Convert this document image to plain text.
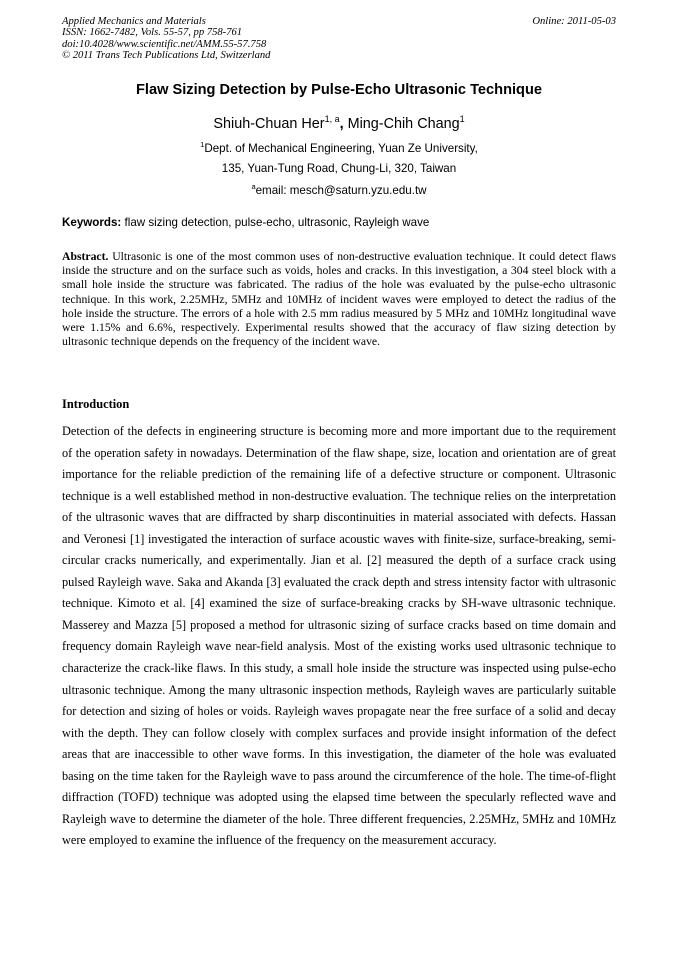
Applied Mechanics and Materials
ISSN: 1662-7482, Vols. 55-57, pp 758-761
doi:10.4028/www.scientific.net/AMM.55-57.758
© 2011 Trans Tech Publications Ltd, Switzerland
Online: 2011-05-03
Flaw Sizing Detection by Pulse-Echo Ultrasonic Technique
Shiuh-Chuan Her$^{1, a}$, Ming-Chih Chang$^1$
$^1$Dept. of Mechanical Engineering, Yuan Ze University,
135, Yuan-Tung Road, Chung-Li, 320, Taiwan
$^a$email: mesch@saturn.yzu.edu.tw
Keywords: flaw sizing detection, pulse-echo, ultrasonic, Rayleigh wave
Abstract. Ultrasonic is one of the most common uses of non-destructive evaluation technique. It could detect flaws inside the structure and on the surface such as voids, holes and cracks. In this investigation, a 304 steel block with a small hole inside the structure was fabricated. The radius of the hole was evaluated by the pulse-echo ultrasonic technique. In this work, 2.25MHz, 5MHz and 10MHz of incident waves were employed to detect the radius of the hole inside the structure. The errors of a hole with 2.5 mm radius measured by 5 MHz and 10MHz longitudinal wave were 1.15% and 6.6%, respectively. Experimental results showed that the accuracy of flaw sizing detection by ultrasonic technique depends on the frequency of the incident wave.
Introduction
Detection of the defects in engineering structure is becoming more and more important due to the requirement of the operation safety in nowadays. Determination of the flaw shape, size, location and orientation are of great importance for the reliable prediction of the remaining life of a defective structure or component. Ultrasonic technique is a well established method in non-destructive evaluation. The technique relies on the interpretation of the ultrasonic waves that are diffracted by sharp discontinuities in material associated with defects. Hassan and Veronesi [1] investigated the interaction of surface acoustic waves with finite-size, surface-breaking, semi-circular cracks numerically, and experimentally. Jian et al. [2] measured the depth of a surface crack using pulsed Rayleigh wave. Saka and Akanda [3] evaluated the crack depth and stress intensity factor with ultrasonic technique. Kimoto et al. [4] examined the size of surface-breaking cracks by SH-wave ultrasonic technique. Masserey and Mazza [5] proposed a method for ultrasonic sizing of surface cracks based on time domain and frequency domain Rayleigh wave near-field analysis. Most of the existing works used ultrasonic technique to characterize the crack-like flaws. In this study, a small hole inside the structure was inspected using pulse-echo ultrasonic technique. Among the many ultrasonic inspection methods, Rayleigh waves are particularly suitable for detection and sizing of holes or voids. Rayleigh waves propagate near the free surface of a solid and decay with the depth. They can follow closely with complex surfaces and provide insight information of the defect areas that are inaccessible to other wave forms. In this investigation, the diameter of the hole was evaluated basing on the time taken for the Rayleigh wave to pass around the circumference of the hole. The time-of-flight diffraction (TOFD) technique was adopted using the elapsed time between the specularly reflected wave and Rayleigh wave to determine the diameter of the hole. Three different frequencies, 2.25MHz, 5MHz and 10MHz were employed to examine the influence of the frequency on the measurement accuracy.
